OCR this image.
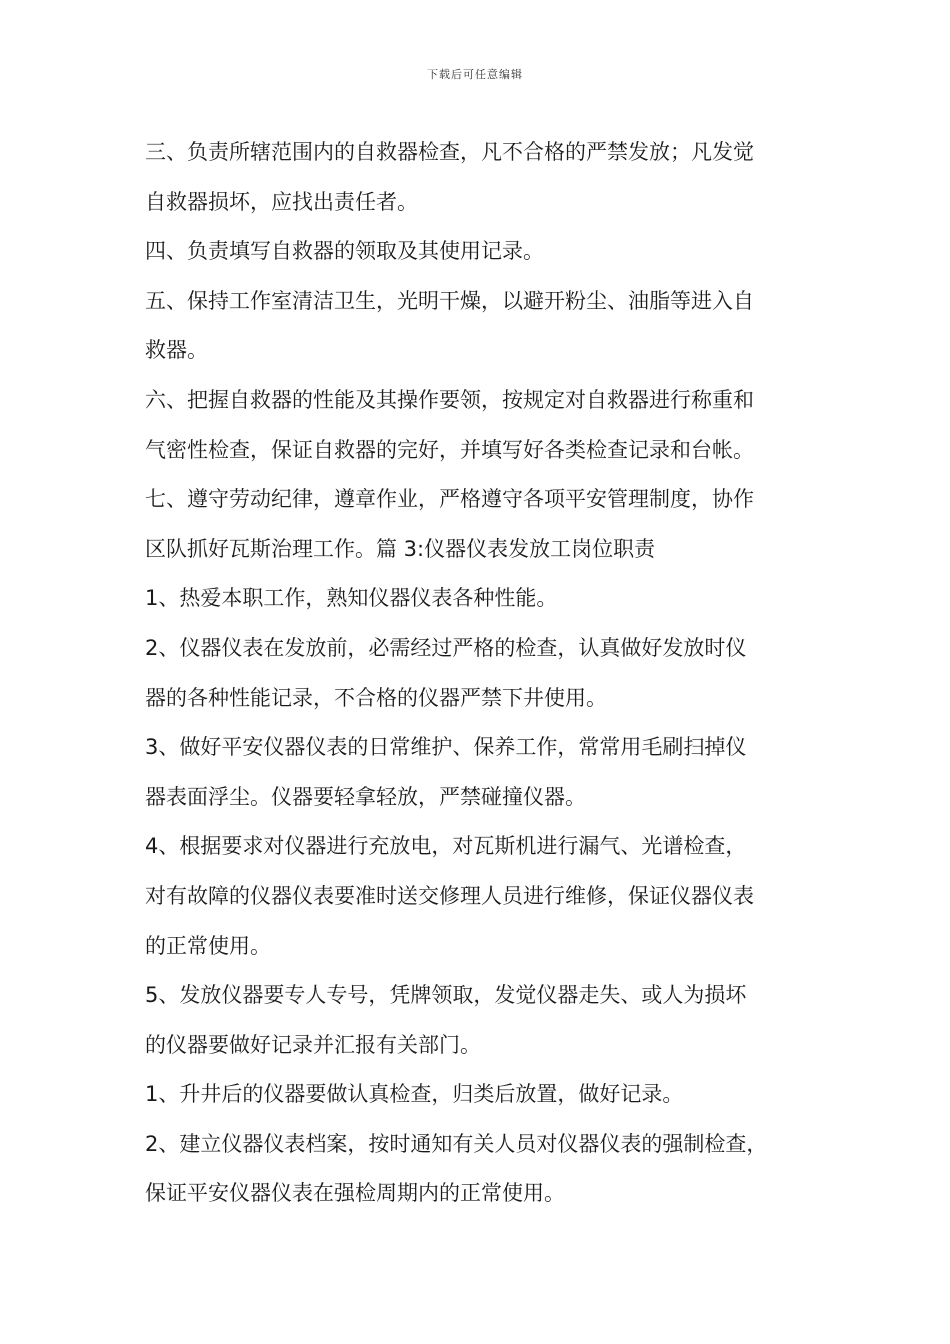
下载后可任意编辑
三、负责所辖范围内的自救器检查，凡不合格的严禁发放；凡发觉
自救器损坏，应找出责任者。
四、负责填写自救器的领取及其使用记录。
五、保持工作室清洁卫生，光明干燥，以避开粉尘、油脂等进入自
救器。
六、把握自救器的性能及其操作要领，按规定对自救器进行称重和
气密性检查，保证自救器的完好，并填写好各类检查记录和台帐。
七、遵守劳动纪律，遵章作业，严格遵守各项平安管理制度，协作
区队抓好瓦斯治理工作。篇 3:仪器仪表发放工岗位职责
1、热爱本职工作，熟知仪器仪表各种性能。
2、仪器仪表在发放前，必需经过严格的检查，认真做好发放时仪
器的各种性能记录，不合格的仪器严禁下井使用。
3、做好平安仪器仪表的日常维护、保养工作，常常用毛刷扫掉仪
器表面浮尘。仪器要轻拿轻放，严禁碰撞仪器。
4、根据要求对仪器进行充放电，对瓦斯机进行漏气、光谱检查，
对有故障的仪器仪表要准时送交修理人员进行维修，保证仪器仪表
的正常使用。
5、发放仪器要专人专号，凭牌领取，发觉仪器走失、或人为损坏
的仪器要做好记录并汇报有关部门。
1、升井后的仪器要做认真检查，归类后放置，做好记录。
2、建立仪器仪表档案，按时通知有关人员对仪器仪表的强制检查，
保证平安仪器仪表在强检周期内的正常使用。
